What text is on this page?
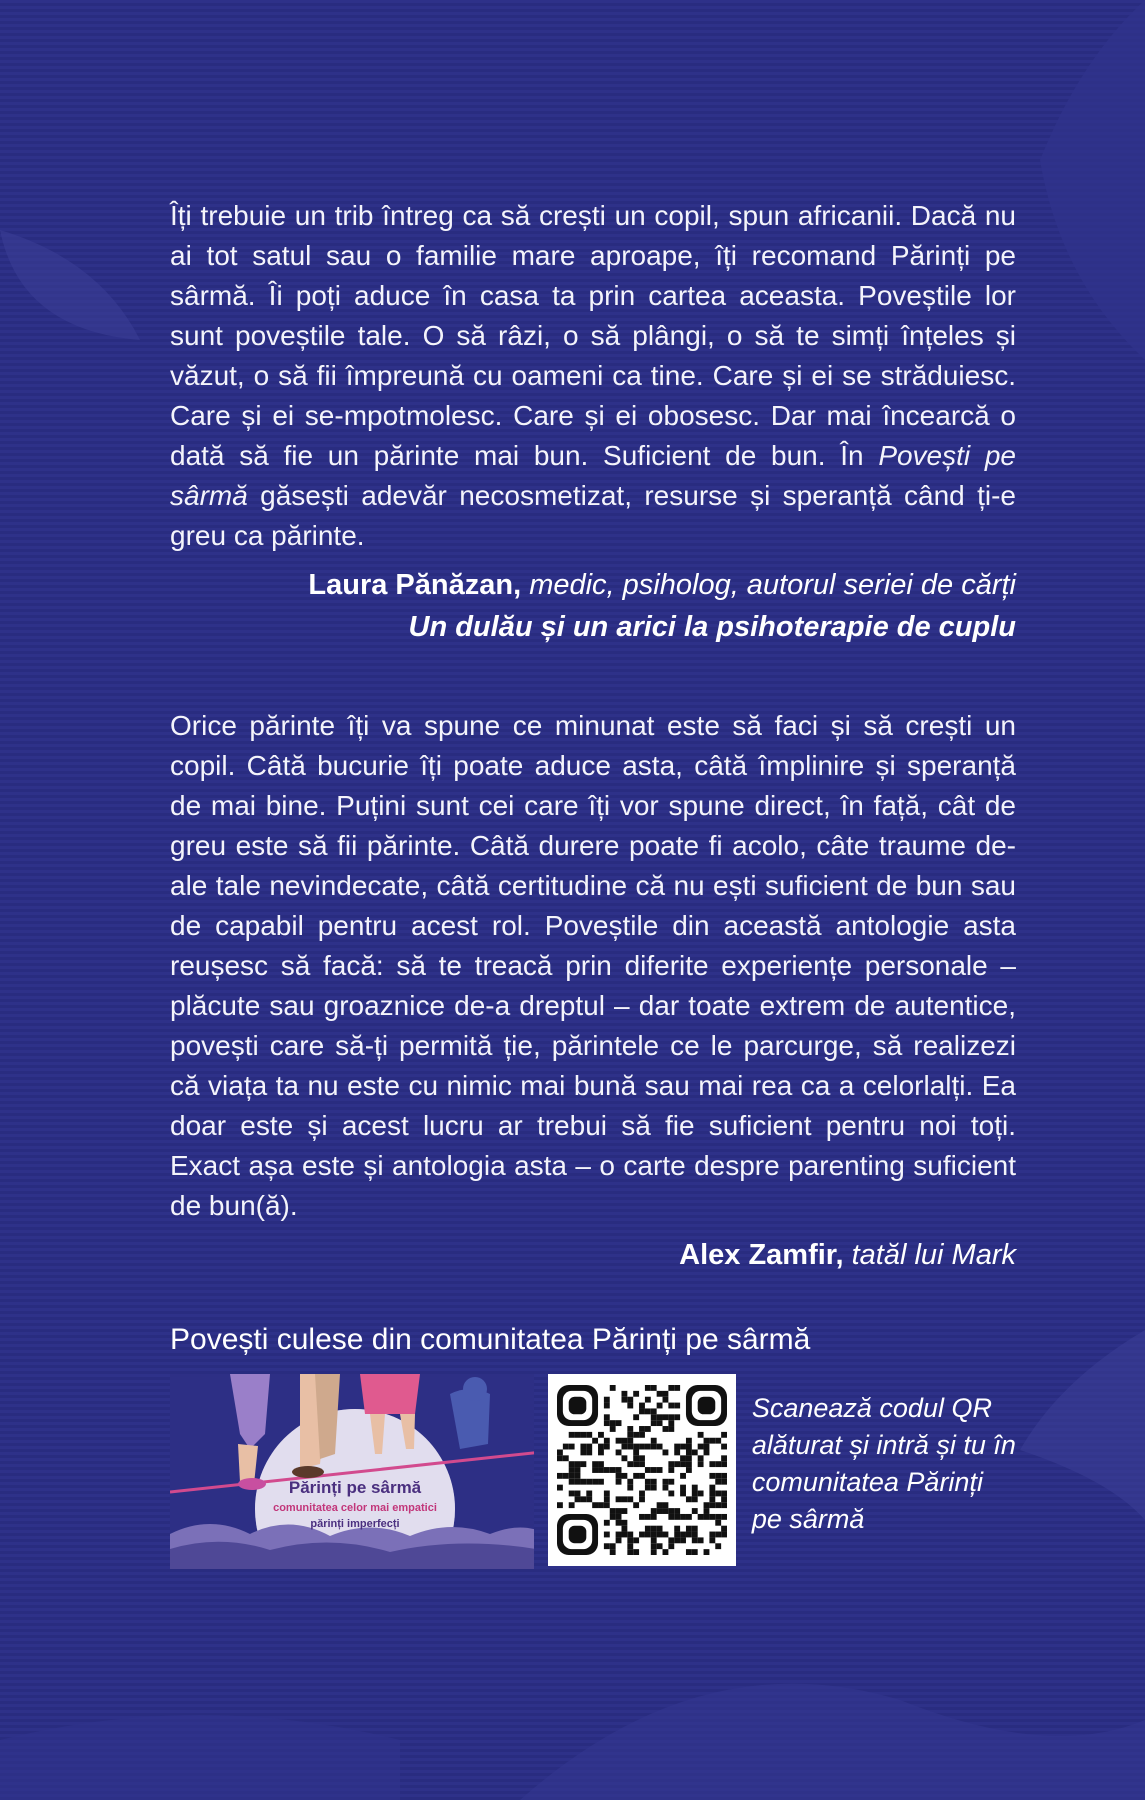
Îți trebuie un trib întreg ca să crești un copil, spun africanii. Dacă nu ai tot satul sau o familie mare aproape, îți recomand Părinți pe sârmă. Îi poți aduce în casa ta prin cartea aceasta. Poveștile lor sunt poveștile tale. O să râzi, o să plângi, o să te simți înțeles și văzut, o să fii împreună cu oameni ca tine. Care și ei se străduiesc. Care și ei se-mpotmolesc. Care și ei obosesc. Dar mai încearcă o dată să fie un părinte mai bun. Suficient de bun. În Povești pe sârmă găsești adevăr necosmetizat, resurse și speranță când ți-e greu ca părinte.

Laura Pănăzan, medic, psiholog, autorul seriei de cărți
Un dulău și un arici la psihoterapie de cuplu

Orice părinte îți va spune ce minunat este să faci și să crești un copil. Câtă bucurie îți poate aduce asta, câtă împlinire și speranță de mai bine. Puțini sunt cei care îți vor spune direct, în față, cât de greu este să fii părinte. Câtă durere poate fi acolo, câte traume de-ale tale nevindecate, câtă certitudine că nu ești suficient de bun sau de capabil pentru acest rol. Poveștile din această antologie asta reușesc să facă: să te treacă prin diferite experiențe personale – plăcute sau groaznice de-a dreptul – dar toate extrem de autentice, povești care să-ți permită ție, părintele ce le parcurge, să realizezi că viața ta nu este cu nimic mai bună sau mai rea ca a celorlalți. Ea doar este și acest lucru ar trebui să fie suficient pentru noi toți. Exact așa este și antologia asta – o carte despre parenting suficient de bun(ă).

Alex Zamfir, tatăl lui Mark
Povești culese din comunitatea Părinți pe sârmă
Părinți pe sârmă
comunitatea celor mai empatici
părinți imperfecți
Scanează codul QR alăturat și intră și tu în comunitatea Părinți pe sârmă
